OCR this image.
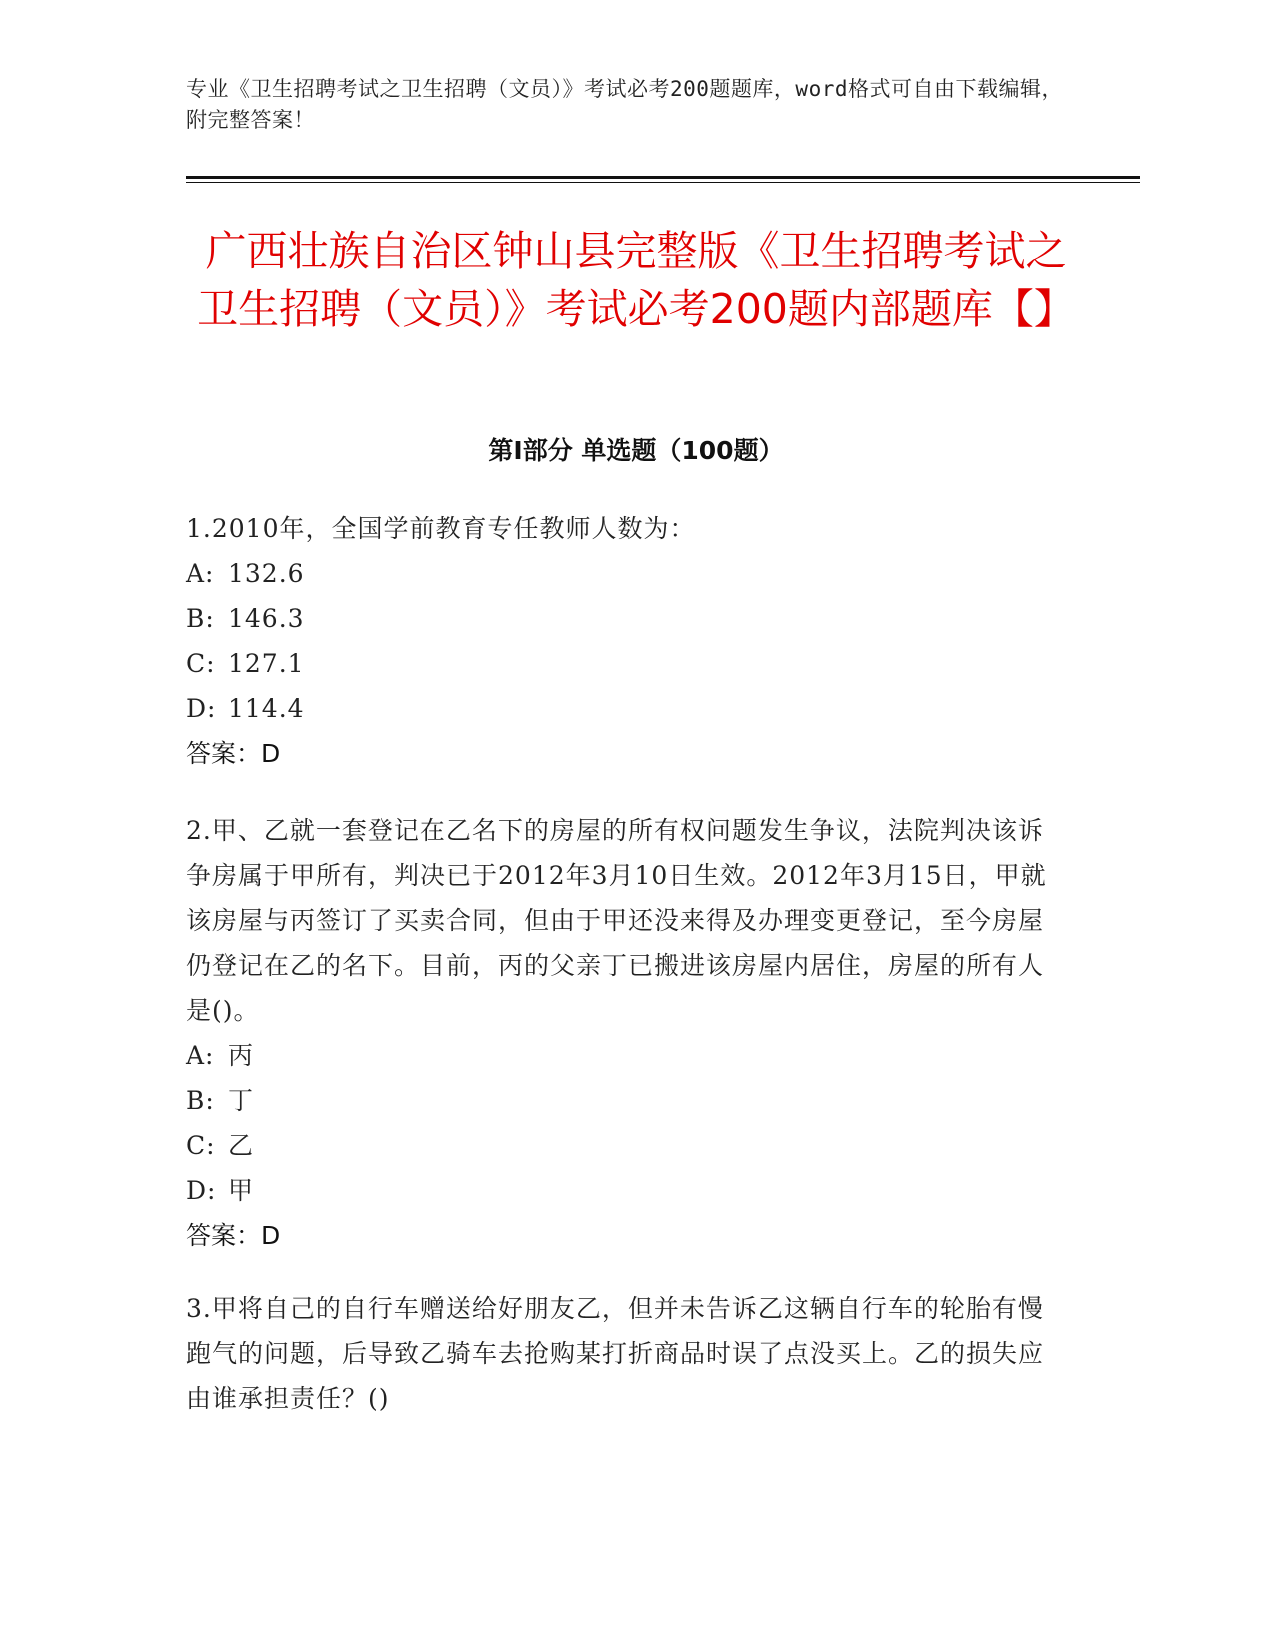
专业《卫生招聘考试之卫生招聘（文员）》考试必考200题题库，word格式可自由下载编辑，附完整答案！
广西壮族自治区钟山县完整版《卫生招聘考试之卫生招聘（文员）》考试必考200题内部题库【】
第I部分 单选题（100题）
1.2010年，全国学前教育专任教师人数为：
A: 132.6
B: 146.3
C: 127.1
D: 114.4
答案：D
2.甲、乙就一套登记在乙名下的房屋的所有权问题发生争议，法院判决该诉争房属于甲所有，判决已于2012年3月10日生效。2012年3月15日，甲就该房屋与丙签订了买卖合同，但由于甲还没来得及办理变更登记，至今房屋仍登记在乙的名下。目前，丙的父亲丁已搬进该房屋内居住，房屋的所有人是()。
A: 丙
B: 丁
C: 乙
D: 甲
答案：D
3.甲将自己的自行车赠送给好朋友乙，但并未告诉乙这辆自行车的轮胎有慢跑气的问题，后导致乙骑车去抢购某打折商品时误了点没买上。乙的损失应由谁承担责任？()
